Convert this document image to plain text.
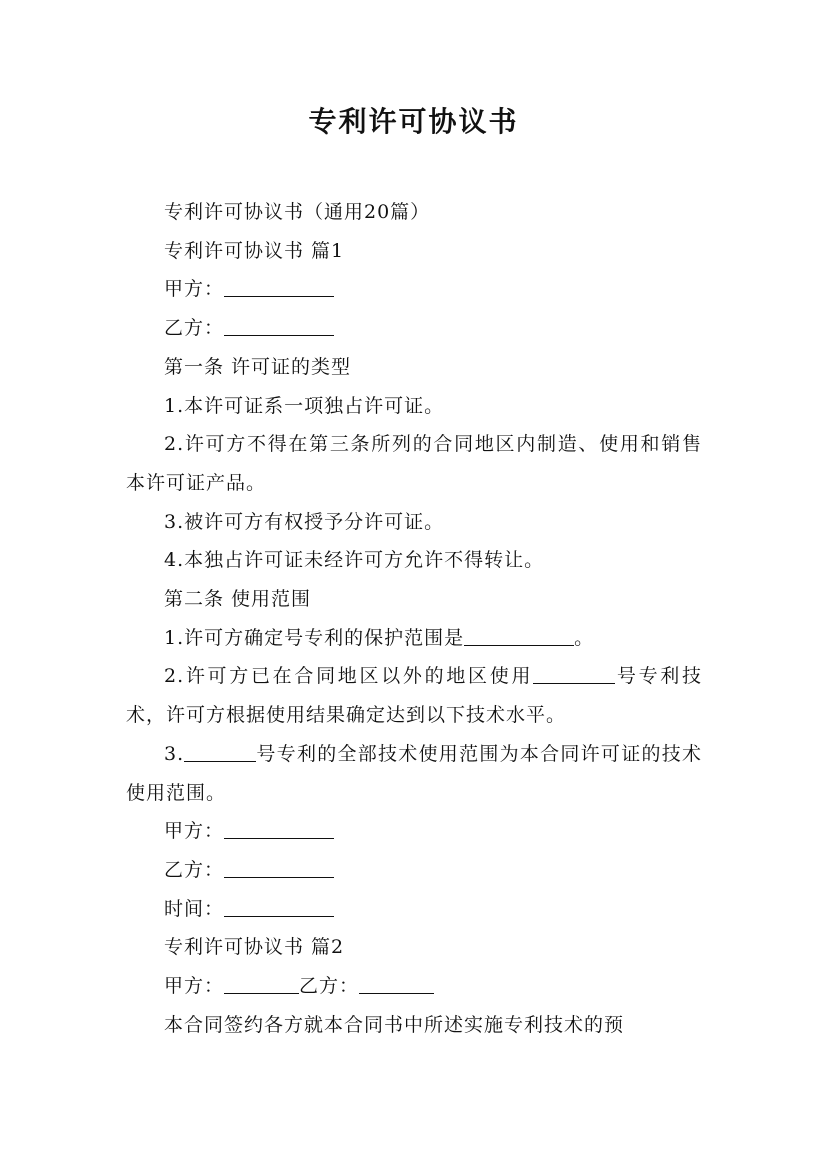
专利许可协议书

专利许可协议书（通用20篇）

专利许可协议书 篇1

甲方：

乙方：

第一条 许可证的类型

1.本许可证系一项独占许可证。

2.许可方不得在第三条所列的合同地区内制造、使用和销售本许可证产品。

3.被许可方有权授予分许可证。

4.本独占许可证未经许可方允许不得转让。

第二条 使用范围

1.许可方确定号专利的保护范围是	。

2.许可方已在合同地区以外的地区使用	号专利技术，许可方根据使用结果确定达到以下技术水平。

3.	号专利的全部技术使用范围为本合同许可证的技术使用范围。

甲方：

乙方：

时间：

专利许可协议书 篇2

甲方：	乙方：

本合同签约各方就本合同书中所述实施专利技术的预
